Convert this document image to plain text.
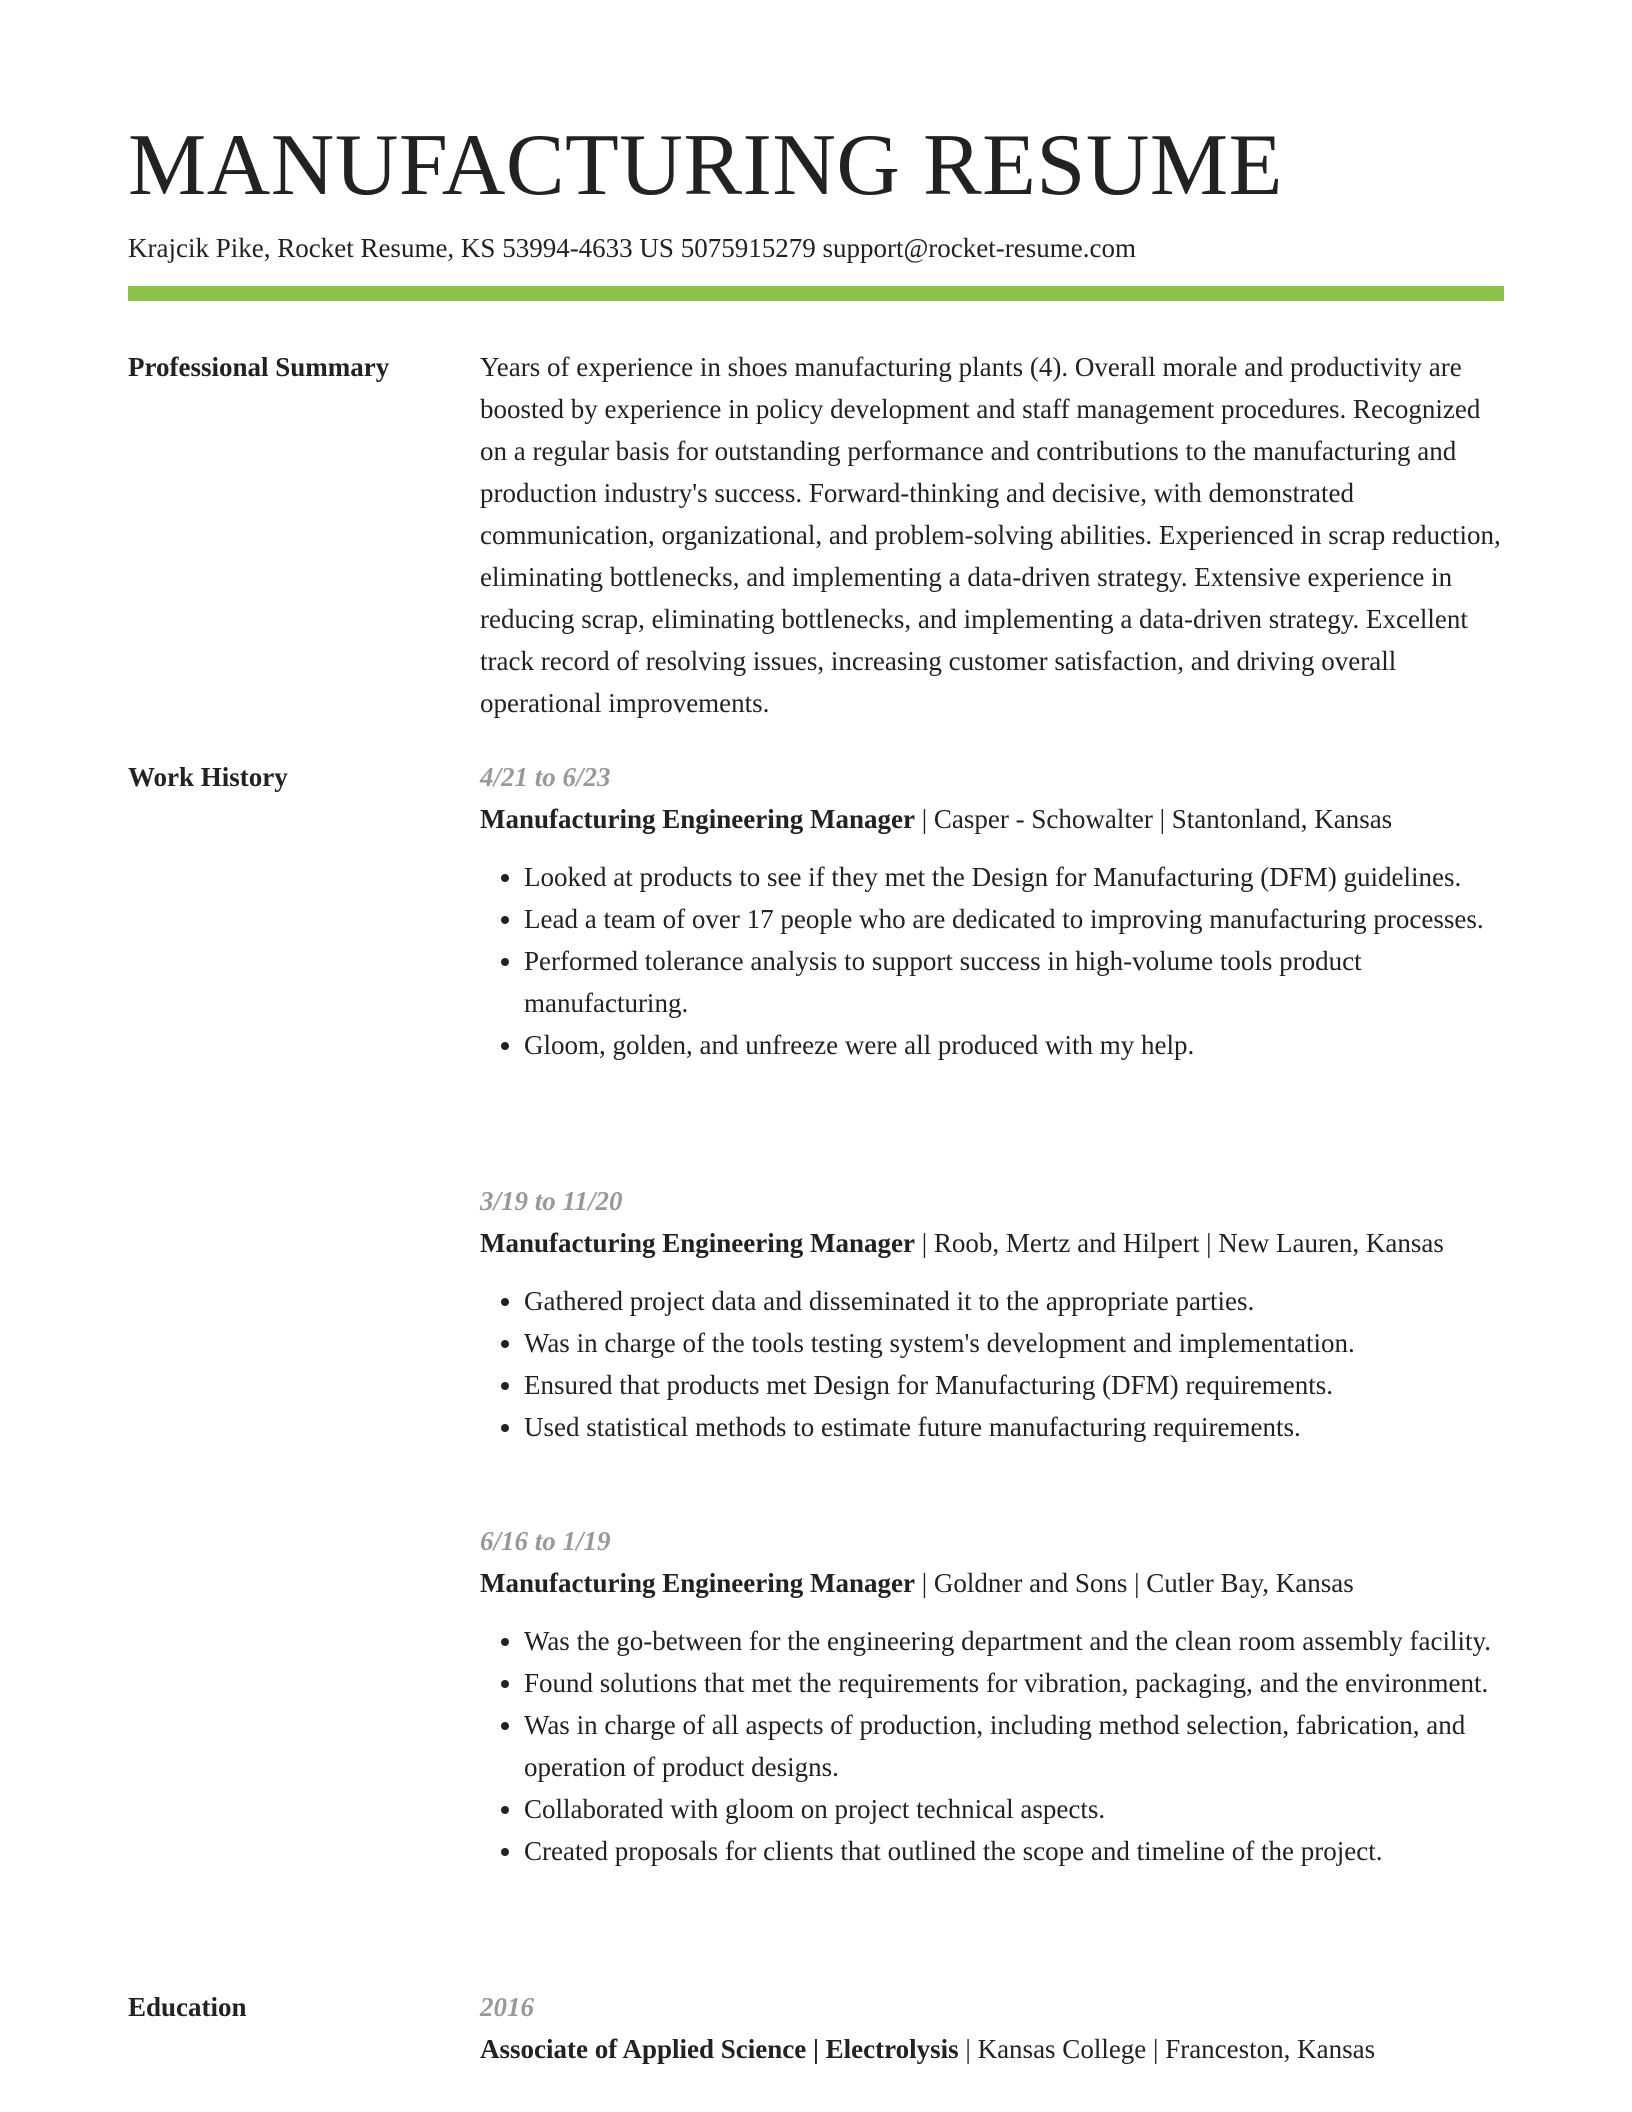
MANUFACTURING RESUME
Krajcik Pike, Rocket Resume, KS 53994-4633 US 5075915279 support@rocket-resume.com
Professional Summary	Years of experience in shoes manufacturing plants (4). Overall morale and productivity are boosted by experience in policy development and staff management procedures. Recognized on a regular basis for outstanding performance and contributions to the manufacturing and production industry's success. Forward-thinking and decisive, with demonstrated communication, organizational, and problem-solving abilities. Experienced in scrap reduction, eliminating bottlenecks, and implementing a data-driven strategy. Extensive experience in reducing scrap, eliminating bottlenecks, and implementing a data-driven strategy. Excellent track record of resolving issues, increasing customer satisfaction, and driving overall operational improvements.

Work History	4/21 to 6/23
Manufacturing Engineering Manager | Casper - Schowalter | Stantonland, Kansas
• Looked at products to see if they met the Design for Manufacturing (DFM) guidelines.
• Lead a team of over 17 people who are dedicated to improving manufacturing processes.
• Performed tolerance analysis to support success in high-volume tools product manufacturing.
• Gloom, golden, and unfreeze were all produced with my help.
3/19 to 11/20
Manufacturing Engineering Manager | Roob, Mertz and Hilpert | New Lauren, Kansas
• Gathered project data and disseminated it to the appropriate parties.
• Was in charge of the tools testing system's development and implementation.
• Ensured that products met Design for Manufacturing (DFM) requirements.
• Used statistical methods to estimate future manufacturing requirements.
6/16 to 1/19
Manufacturing Engineering Manager | Goldner and Sons | Cutler Bay, Kansas
• Was the go-between for the engineering department and the clean room assembly facility.
• Found solutions that met the requirements for vibration, packaging, and the environment.
• Was in charge of all aspects of production, including method selection, fabrication, and operation of product designs.
• Collaborated with gloom on project technical aspects.
• Created proposals for clients that outlined the scope and timeline of the project.
Education	2016
Associate of Applied Science | Electrolysis | Kansas College | Franceston, Kansas
